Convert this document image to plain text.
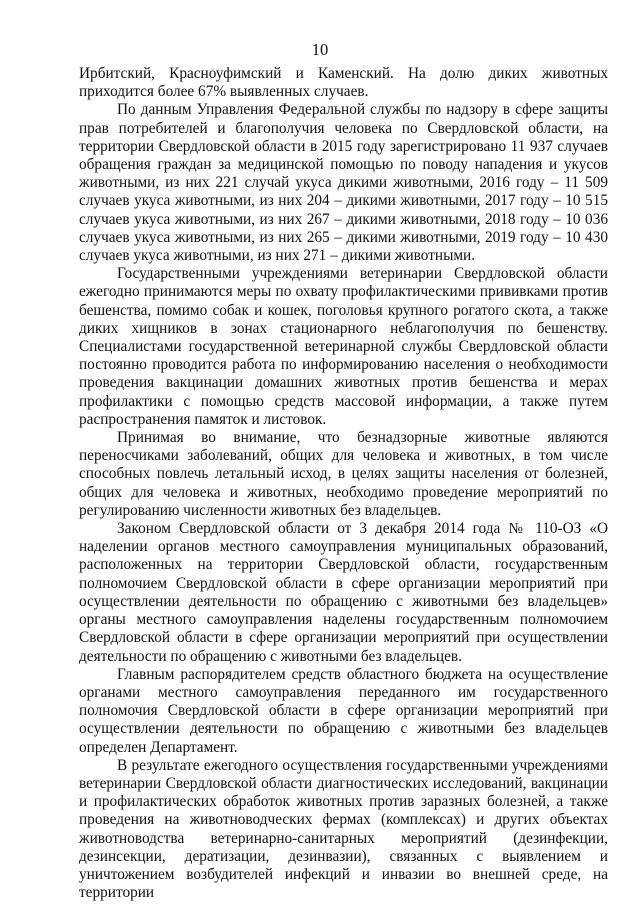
10

Ирбитский, Красноуфимский и Каменский. На долю диких животных приходится более 67% выявленных случаев.

По данным Управления Федеральной службы по надзору в сфере защиты прав потребителей и благополучия человека по Свердловской области, на территории Свердловской области в 2015 году зарегистрировано 11 937 случаев обращения граждан за медицинской помощью по поводу нападения и укусов животными, из них 221 случай укуса дикими животными, 2016 году – 11 509 случаев укуса животными, из них 204 – дикими животными, 2017 году – 10 515 случаев укуса животными, из них 267 – дикими животными, 2018 году – 10 036 случаев укуса животными, из них 265 – дикими животными, 2019 году – 10 430 случаев укуса животными, из них 271 – дикими животными.

Государственными учреждениями ветеринарии Свердловской области ежегодно принимаются меры по охвату профилактическими прививками против бешенства, помимо собак и кошек, поголовья крупного рогатого скота, а также диких хищников в зонах стационарного неблагополучия по бешенству. Специалистами государственной ветеринарной службы Свердловской области постоянно проводится работа по информированию населения о необходимости проведения вакцинации домашних животных против бешенства и мерах профилактики с помощью средств массовой информации, а также путем распространения памяток и листовок.

Принимая во внимание, что безнадзорные животные являются переносчиками заболеваний, общих для человека и животных, в том числе способных повлечь летальный исход, в целях защиты населения от болезней, общих для человека и животных, необходимо проведение мероприятий по регулированию численности животных без владельцев.

Законом Свердловской области от 3 декабря 2014 года № 110-ОЗ «О наделении органов местного самоуправления муниципальных образований, расположенных на территории Свердловской области, государственным полномочием Свердловской области в сфере организации мероприятий при осуществлении деятельности по обращению с животными без владельцев» органы местного самоуправления наделены государственным полномочием Свердловской области в сфере организации мероприятий при осуществлении деятельности по обращению с животными без владельцев.

Главным распорядителем средств областного бюджета на осуществление органами местного самоуправления переданного им государственного полномочия Свердловской области в сфере организации мероприятий при осуществлении деятельности по обращению с животными без владельцев определен Департамент.

В результате ежегодного осуществления государственными учреждениями ветеринарии Свердловской области диагностических исследований, вакцинации и профилактических обработок животных против заразных болезней, а также проведения на животноводческих фермах (комплексах) и других объектах животноводства ветеринарно-санитарных мероприятий (дезинфекции, дезинсекции, дератизации, дезинвазии), связанных с выявлением и уничтожением возбудителей инфекций и инвазии во внешней среде, на территории
